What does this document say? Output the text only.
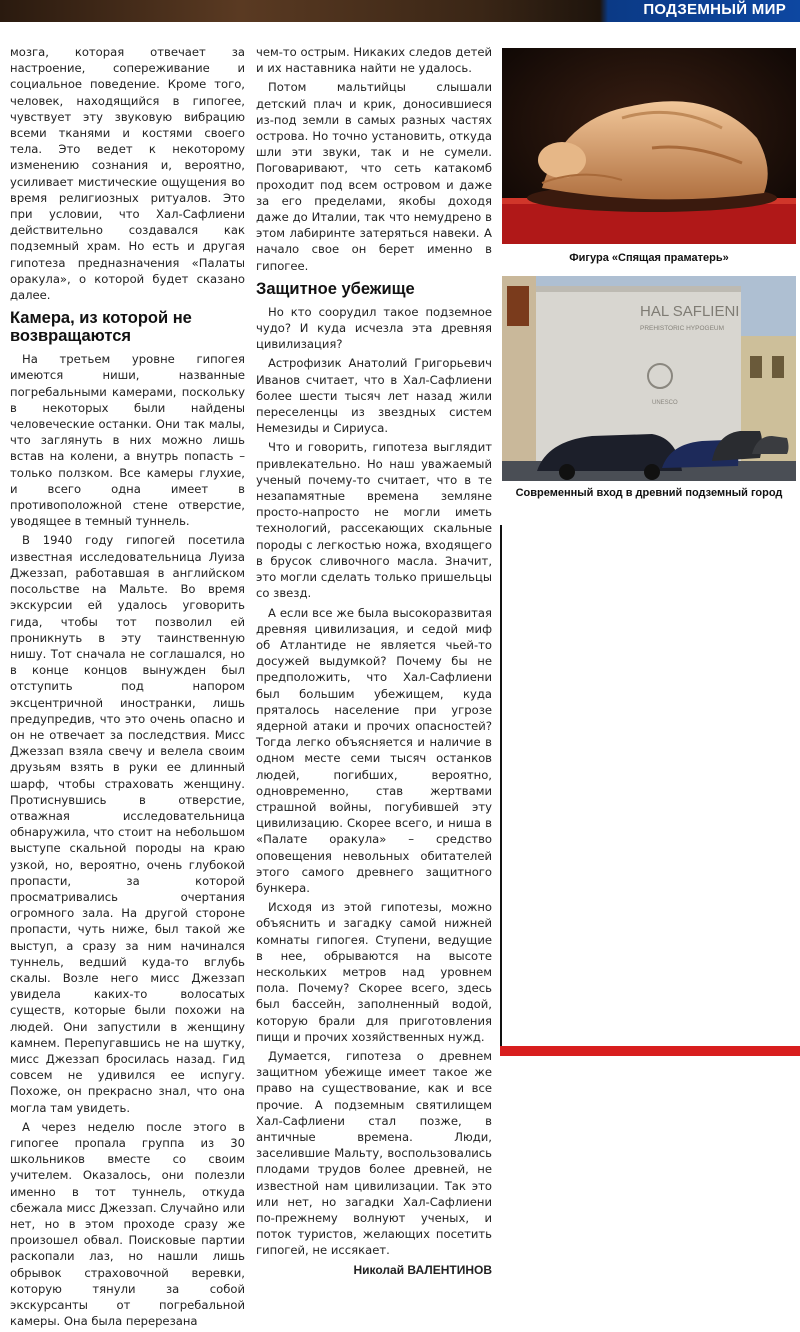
ПОДЗЕМНЫЙ МИР

мозга, которая отвечает за настроение, сопереживание и социальное поведение. Кроме того, человек, находящийся в гипогее, чувствует эту звуковую вибрацию всеми тканями и костями своего тела. Это ведет к некоторому изменению сознания и, вероятно, усиливает мистические ощущения во время религиозных ритуалов. Это при условии, что Хал-Сафлиени действительно создавался как подземный храм. Но есть и другая гипотеза предназначения «Палаты оракула», о которой будет сказано далее.

Камера, из которой не возвращаются

На третьем уровне гипогея имеются ниши, названные погребальными камерами, поскольку в некоторых были найдены человеческие останки. Они так малы, что заглянуть в них можно лишь встав на колени, а внутрь попасть – только ползком. Все камеры глухие, и всего одна имеет в противоположной стене отверстие, уводящее в темный туннель.

В 1940 году гипогей посетила известная исследовательница Луиза Джеззап, работавшая в английском посольстве на Мальте. Во время экскурсии ей удалось уговорить гида, чтобы тот позволил ей проникнуть в эту таинственную нишу. Тот сначала не соглашался, но в конце концов вынужден был отступить под напором эксцентричной иностранки, лишь предупредив, что это очень опасно и он не отвечает за последствия. Мисс Джеззап взяла свечу и велела своим друзьям взять в руки ее длинный шарф, чтобы страховать женщину. Протиснувшись в отверстие, отважная исследовательница обнаружила, что стоит на небольшом выступе скальной породы на краю узкой, но, вероятно, очень глубокой пропасти, за которой просматривались очертания огромного зала. На другой стороне пропасти, чуть ниже, был такой же выступ, а сразу за ним начинался туннель, ведший куда-то вглубь скалы. Возле него мисс Джеззап увидела каких-то волосатых существ, которые были похожи на людей. Они запустили в женщину камнем. Перепугавшись не на шутку, мисс Джеззап бросилась назад. Гид совсем не удивился ее испугу. Похоже, он прекрасно знал, что она могла там увидеть.

А через неделю после этого в гипогее пропала группа из 30 школьников вместе со своим учителем. Оказалось, они полезли именно в тот туннель, откуда сбежала мисс Джеззап. Случайно или нет, но в этом проходе сразу же произошел обвал. Поисковые партии раскопали лаз, но нашли лишь обрывок страховочной веревки, которую тянули за собой экскурсанты от погребальной камеры. Она была перерезана

чем-то острым. Никаких следов детей и их наставника найти не удалось.

Потом мальтийцы слышали детский плач и крик, доносившиеся из-под земли в самых разных частях острова. Но точно установить, откуда шли эти звуки, так и не сумели. Поговаривают, что сеть катакомб проходит под всем островом и даже за его пределами, якобы доходя даже до Италии, так что немудрено в этом лабиринте затеряться навеки. А начало свое он берет именно в гипогее.

Защитное убежище

Но кто соорудил такое подземное чудо? И куда исчезла эта древняя цивилизация?

Астрофизик Анатолий Григорьевич Иванов считает, что в Хал-Сафлиени более шести тысяч лет назад жили переселенцы из звездных систем Немезиды и Сириуса.

Что и говорить, гипотеза выглядит привлекательно. Но наш уважаемый ученый почему-то считает, что в те незапамятные времена земляне просто-напросто не могли иметь технологий, рассекающих скальные породы с легкостью ножа, входящего в брусок сливочного масла. Значит, это могли сделать только пришельцы со звезд.

А если все же была высокоразвитая древняя цивилизация, и седой миф об Атлантиде не является чьей-то досужей выдумкой? Почему бы не предположить, что Хал-Сафлиени был большим убежищем, куда пряталось население при угрозе ядерной атаки и прочих опасностей? Тогда легко объясняется и наличие в одном месте семи тысяч останков людей, погибших, вероятно, одновременно, став жертвами страшной войны, погубившей эту цивилизацию. Скорее всего, и ниша в «Палате оракула» – средство оповещения невольных обитателей этого самого древнего защитного бункера.

Исходя из этой гипотезы, можно объяснить и загадку самой нижней комнаты гипогея. Ступени, ведущие в нее, обрываются на высоте нескольких метров над уровнем пола. Почему? Скорее всего, здесь был бассейн, заполненный водой, которую брали для приготовления пищи и прочих хозяйственных нужд.

Думается, гипотеза о древнем защитном убежище имеет такое же право на существование, как и все прочие. А подземным святилищем Хал-Сафлиени стал позже, в античные времена. Люди, заселившие Мальту, воспользовались плодами трудов более древней, не известной нам цивилизации. Так это или нет, но загадки Хал-Сафлиени по-прежнему волнуют ученых, и поток туристов, желающих посетить гипогей, не иссякает.

Николай ВАЛЕНТИНОВ
Фигура «Спящая праматерь»
HAL SAFLIENI
PREHISTORIC HYPOGEUM
UNESCO
Современный вход в древний подземный город
